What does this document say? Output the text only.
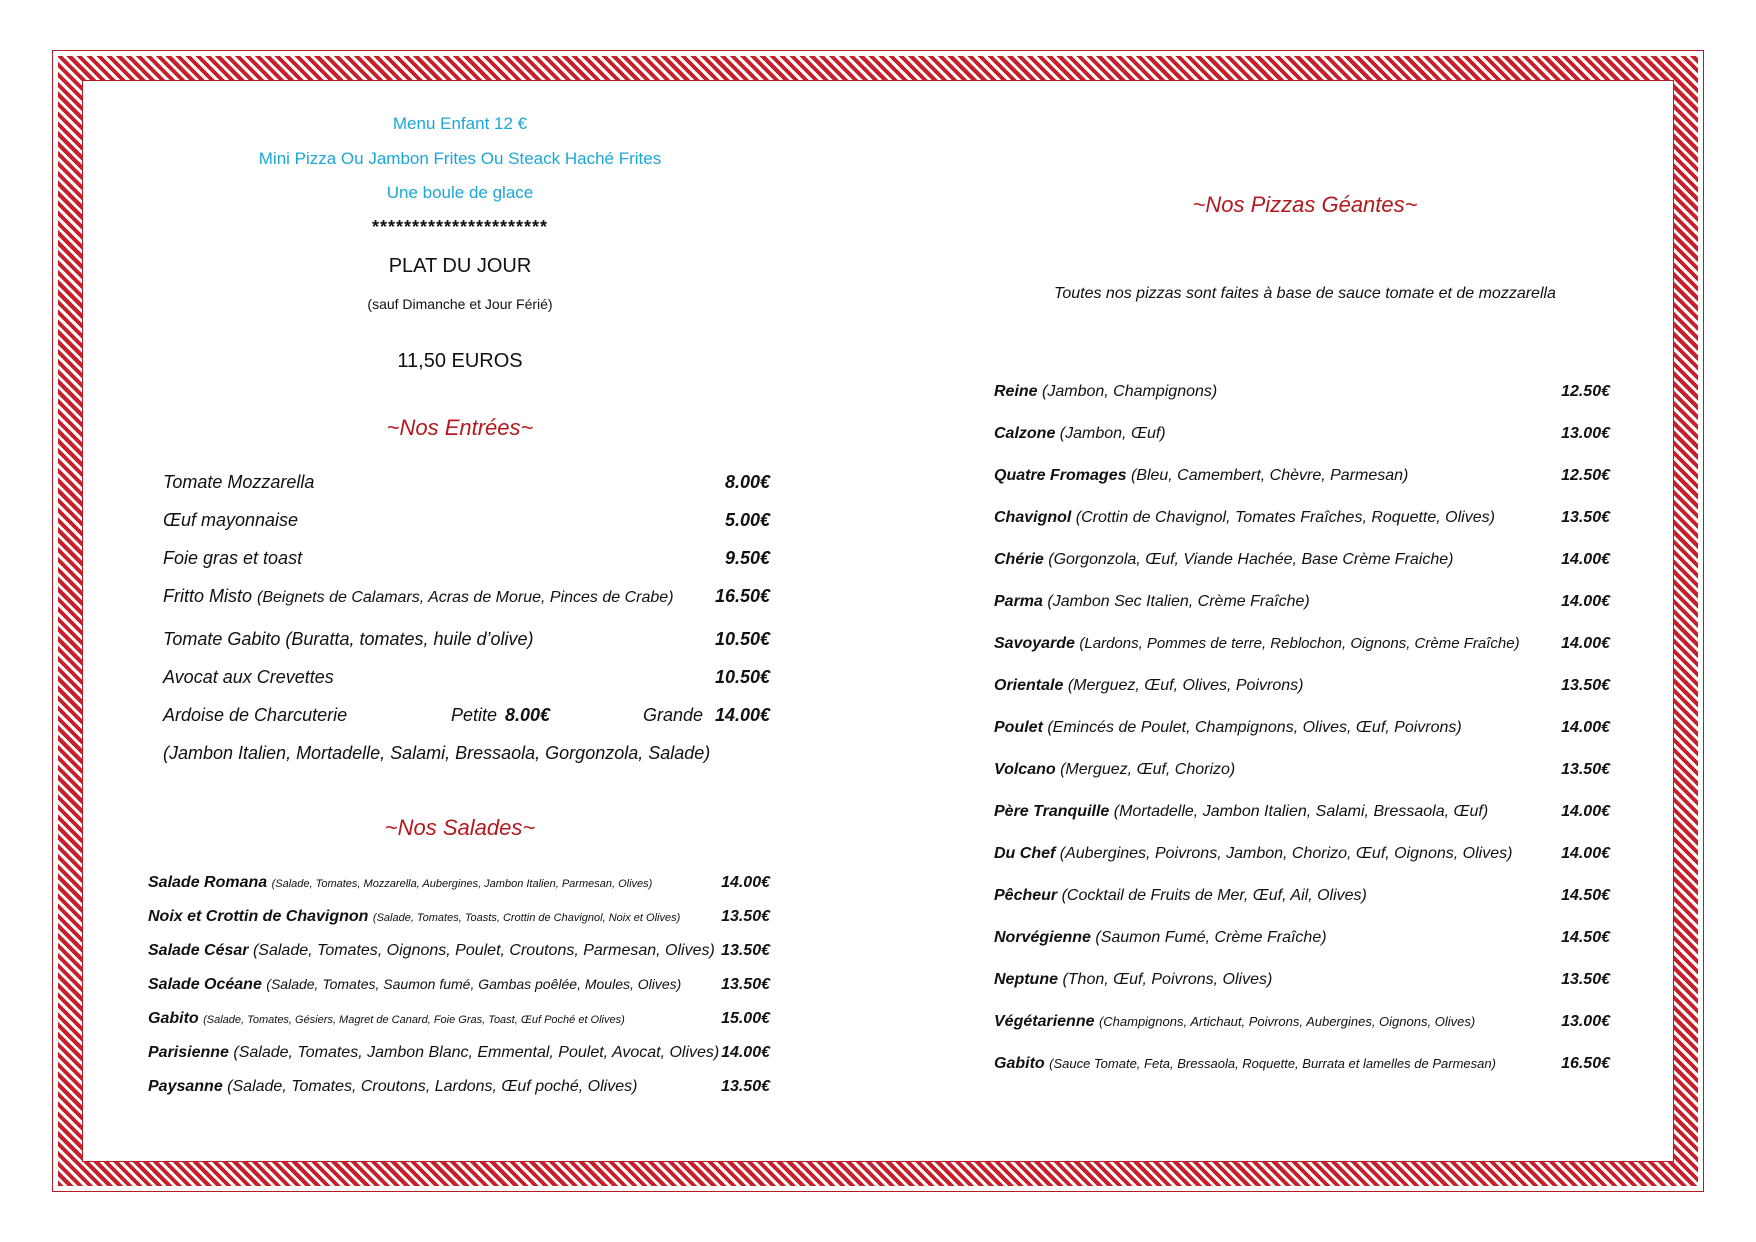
Menu Enfant 12 €
Mini Pizza Ou Jambon Frites Ou Steack Haché Frites
Une boule de glace
**********************
PLAT DU JOUR
(sauf Dimanche et Jour Férié)
11,50 EUROS
~Nos Entrées~
Tomate Mozzarella	8.00€
Œuf mayonnaise	5.00€
Foie gras et toast	9.50€
Fritto Misto (Beignets de Calamars, Acras de Morue, Pinces de Crabe)	16.50€
Tomate Gabito (Buratta, tomates, huile d’olive)	10.50€
Avocat aux Crevettes	10.50€
Ardoise de Charcuterie	Petite 8.00€	Grande 14.00€
(Jambon Italien, Mortadelle, Salami, Bressaola, Gorgonzola, Salade)
~Nos Salades~
Salade Romana (Salade, Tomates, Mozzarella, Aubergines, Jambon Italien, Parmesan, Olives)	14.00€
Noix et Crottin de Chavignon (Salade, Tomates, Toasts, Crottin de Chavignol, Noix et Olives)	13.50€
Salade César (Salade, Tomates, Oignons, Poulet, Croutons, Parmesan, Olives) 13.50€
Salade Océane (Salade, Tomates, Saumon fumé, Gambas poêlée, Moules, Olives)	13.50€
Gabito (Salade, Tomates, Gésiers, Magret de Canard, Foie Gras, Toast, Œuf Poché et Olives)	15.00€
Parisienne (Salade, Tomates, Jambon Blanc, Emmental, Poulet, Avocat, Olives) 14.00€
Paysanne (Salade, Tomates, Croutons, Lardons, Œuf poché, Olives)	13.50€
~Nos Pizzas Géantes~
Toutes nos pizzas sont faites à base de sauce tomate et de mozzarella
Reine (Jambon, Champignons)	12.50€
Calzone (Jambon, Œuf)	13.00€
Quatre Fromages (Bleu, Camembert, Chèvre, Parmesan)	12.50€
Chavignol (Crottin de Chavignol, Tomates Fraîches, Roquette, Olives)	13.50€
Chérie (Gorgonzola, Œuf, Viande Hachée, Base Crème Fraiche)	14.00€
Parma (Jambon Sec Italien, Crème Fraîche)	14.00€
Savoyarde (Lardons, Pommes de terre, Reblochon, Oignons, Crème Fraîche)	14.00€
Orientale (Merguez, Œuf, Olives, Poivrons)	13.50€
Poulet (Emincés de Poulet, Champignons, Olives, Œuf, Poivrons)	14.00€
Volcano (Merguez, Œuf, Chorizo)	13.50€
Père Tranquille (Mortadelle, Jambon Italien, Salami, Bressaola, Œuf)	14.00€
Du Chef (Aubergines, Poivrons, Jambon, Chorizo, Œuf, Oignons, Olives)	14.00€
Pêcheur (Cocktail de Fruits de Mer, Œuf, Ail, Olives)	14.50€
Norvégienne (Saumon Fumé, Crème Fraîche)	14.50€
Neptune (Thon, Œuf, Poivrons, Olives)	13.50€
Végétarienne (Champignons, Artichaut, Poivrons, Aubergines, Oignons, Olives)	13.00€
Gabito (Sauce Tomate, Feta, Bressaola, Roquette, Burrata et lamelles de Parmesan)	16.50€
